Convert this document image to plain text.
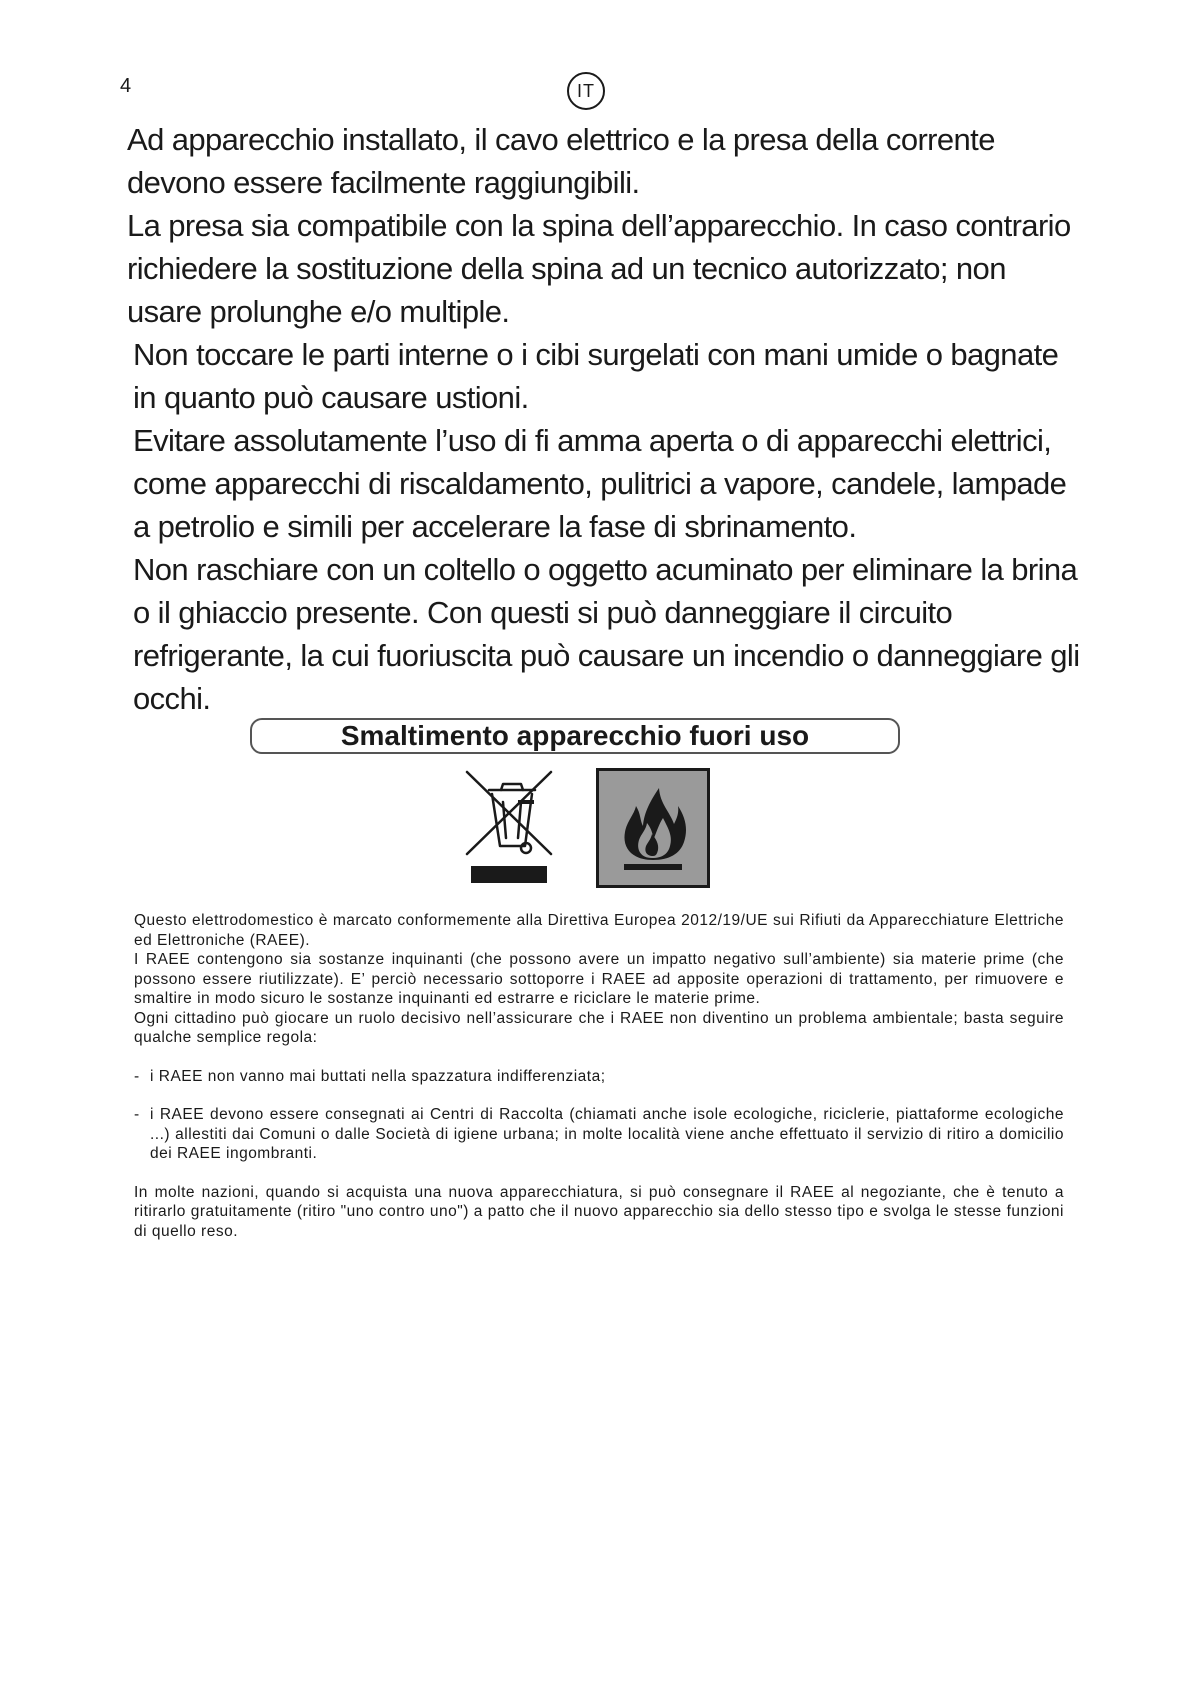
4	IT

Ad apparecchio installato, il cavo elettrico e la presa della corrente devono essere facilmente raggiungibili.

La presa sia compatibile con la spina dell’apparecchio. In caso contrario richiedere la sostituzione della spina ad un tecnico autorizzato; non usare prolunghe e/o multiple.

Non toccare le parti interne o i cibi surgelati con mani umide o bagnate in quanto può causare ustioni.

Evitare assolutamente l’uso di fi amma aperta o di apparecchi elettrici, come apparecchi di riscaldamento, pulitrici a vapore, candele, lampade a petrolio e simili per accelerare la fase di sbrinamento.

Non raschiare con un coltello o oggetto acuminato per eliminare la brina o il ghiaccio presente. Con questi si può danneggiare il circuito refrigerante, la cui fuoriuscita può causare un incendio o danneggiare gli occhi.

Smaltimento apparecchio fuori uso

Questo elettrodomestico è marcato conformemente alla Direttiva Europea 2012/19/UE sui Rifiuti da Apparecchiature Elettriche ed Elettroniche (RAEE).

I RAEE contengono sia sostanze inquinanti (che possono avere un impatto negativo sull’ambiente) sia materie prime (che possono essere riutilizzate). E’ perciò necessario sottoporre i RAEE ad apposite operazioni di trattamento, per rimuovere e smaltire in modo sicuro le sostanze inquinanti ed estrarre e riciclare le materie prime.

Ogni cittadino può giocare un ruolo decisivo nell’assicurare che i RAEE non diventino un problema ambientale; basta seguire qualche semplice regola:

- i RAEE non vanno mai buttati nella spazzatura indifferenziata;
- i RAEE devono essere consegnati ai Centri di Raccolta (chiamati anche isole ecologiche, riciclerie, piattaforme ecologiche ...) allestiti dai Comuni o dalle Società di igiene urbana; in molte località viene anche effettuato il servizio di ritiro a domicilio dei RAEE ingombranti.

In molte nazioni, quando si acquista una nuova apparecchiatura, si può consegnare il RAEE al negoziante, che è tenuto a ritirarlo gratuitamente (ritiro "uno contro uno") a patto che il nuovo apparecchio sia dello stesso tipo e svolga le stesse funzioni di quello reso.
